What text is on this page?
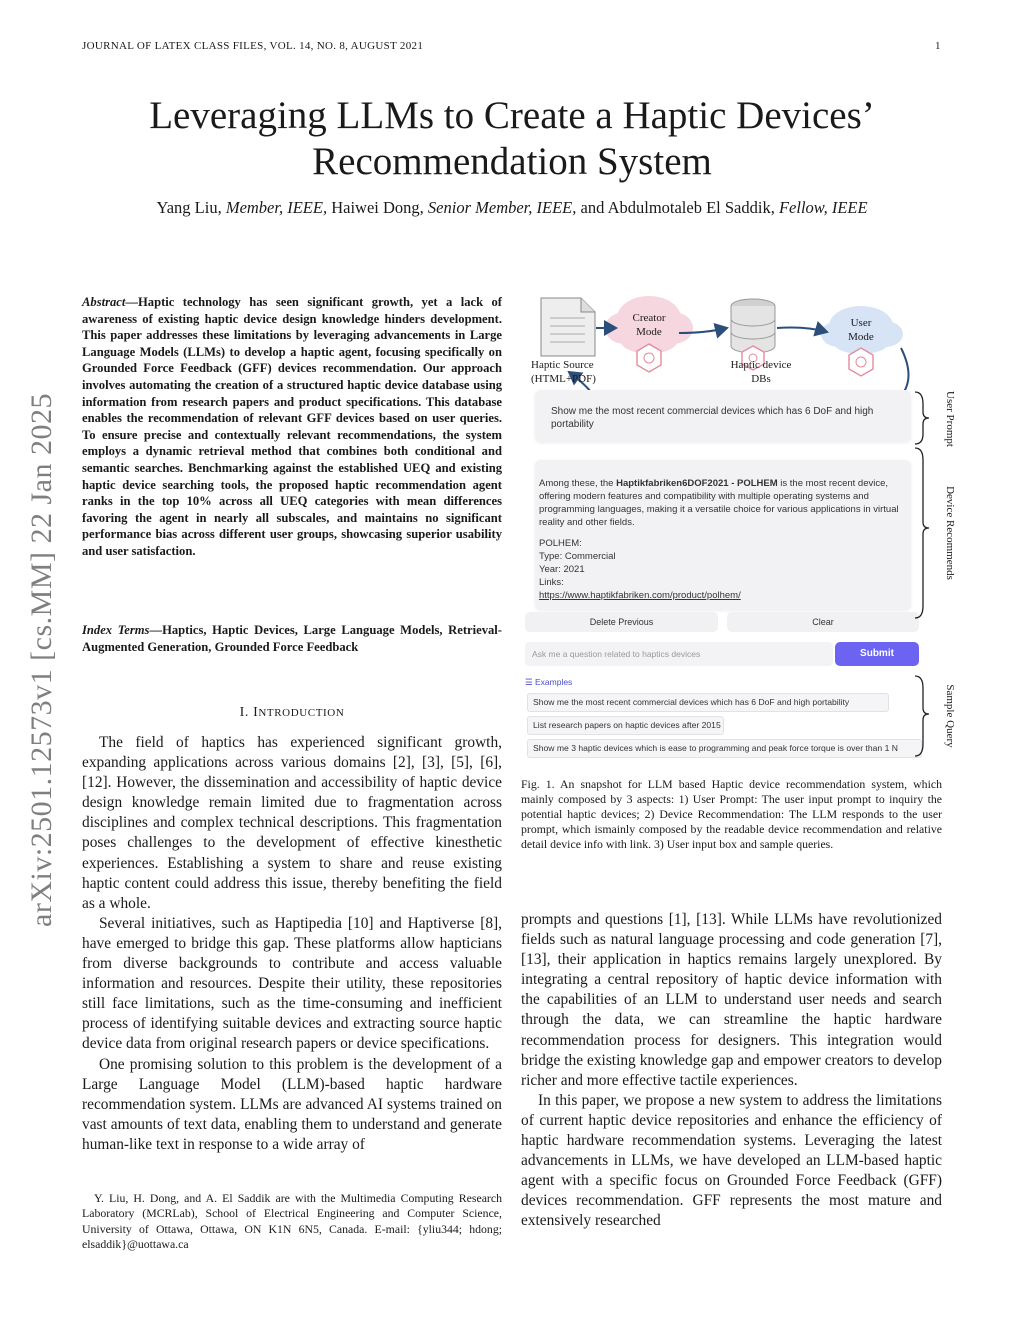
JOURNAL OF LATEX CLASS FILES, VOL. 14, NO. 8, AUGUST 2021	1
Leveraging LLMs to Create a Haptic Devices’
Recommendation System
Yang Liu, Member, IEEE, Haiwei Dong, Senior Member, IEEE, and Abdulmotaleb El Saddik, Fellow, IEEE
arXiv:2501.12573v1 [cs.MM] 22 Jan 2025
Abstract—Haptic technology has seen significant growth, yet a lack of awareness of existing haptic device design knowledge hinders development. This paper addresses these limitations by leveraging advancements in Large Language Models (LLMs) to develop a haptic agent, focusing specifically on Grounded Force Feedback (GFF) devices recommendation. Our approach involves automating the creation of a structured haptic device database using information from research papers and product specifications. This database enables the recommendation of relevant GFF devices based on user queries. To ensure precise and contextually relevant recommendations, the system employs a dynamic retrieval method that combines both conditional and semantic searches. Benchmarking against the established UEQ and existing haptic device searching tools, the proposed haptic recommendation agent ranks in the top 10% across all UEQ categories with mean differences favoring the agent in nearly all subscales, and maintains no significant performance bias across different user groups, showcasing superior usability and user satisfaction.
Index Terms—Haptics, Haptic Devices, Large Language Models, Retrieval-Augmented Generation, Grounded Force Feedback
I. INTRODUCTION

The field of haptics has experienced significant growth, expanding applications across various domains [2], [3], [5], [6], [12]. However, the dissemination and accessibility of haptic device design knowledge remain limited due to fragmentation across disciplines and complex technical descriptions. This fragmentation poses challenges to the development of effective kinesthetic experiences. Establishing a system to share and reuse existing haptic content could address this issue, thereby benefiting the field as a whole.

Several initiatives, such as Haptipedia [10] and Haptiverse [8], have emerged to bridge this gap. These platforms allow hapticians from diverse backgrounds to contribute and access valuable information and resources. Despite their utility, these repositories still face limitations, such as the time-consuming and inefficient process of identifying suitable devices and extracting source haptic device data from original research papers or device specifications.

One promising solution to this problem is the development of a Large Language Model (LLM)-based haptic hardware recommendation system. LLMs are advanced AI systems trained on vast amounts of text data, enabling them to understand and generate human-like text in response to a wide array of

Y. Liu, H. Dong, and A. El Saddik are with the Multimedia Computing Research Laboratory (MCRLab), School of Electrical Engineering and Computer Science, University of Ottawa, Ottawa, ON K1N 6N5, Canada. E-mail: {yliu344; hdong; elsaddik}@uottawa.ca
Creator Mode
User Mode
Haptic Source (HTML+PDF)
Haptic device DBs
Show me the most recent commercial devices which has 6 DoF and high portability
Among these, the Haptikfabriken6DOF2021 - POLHEM is the most recent device, offering modern features and compatibility with multiple operating systems and programming languages, making it a versatile choice for various applications in virtual reality and other fields.
POLHEM:
Type: Commercial
Year: 2021
Links:
https://www.haptikfabriken.com/product/polhem/
Delete Previous	Clear
Ask me a question related to haptics devices	Submit
☰ Examples
Show me the most recent commercial devices which has 6 DoF and high portability
List research papers on haptic devices after 2015
Show me 3 haptic devices which is ease to programming and peak force torque is over than 1 N
User Prompt
Device Recommends
Sample Query
Fig. 1. An snapshot for LLM based Haptic device recommendation system, which mainly composed by 3 aspects: 1) User Prompt: The user input prompt to inquiry the potential haptic devices; 2) Device Recommendation: The LLM responds to the user prompt, which ismainly composed by the readable device recommendation and relative detail device info with link. 3) User input box and sample queries.

prompts and questions [1], [13]. While LLMs have revolutionized fields such as natural language processing and code generation [7], [13], their application in haptics remains largely unexplored. By integrating a central repository of haptic device information with the capabilities of an LLM to understand user needs and search through the data, we can streamline the haptic hardware recommendation process for designers. This integration would bridge the existing knowledge gap and empower creators to develop richer and more effective tactile experiences.

In this paper, we propose a new system to address the limitations of current haptic device repositories and enhance the efficiency of haptic hardware recommendation systems. Leveraging the latest advancements in LLMs, we have developed an LLM-based haptic agent with a specific focus on Grounded Force Feedback (GFF) devices recommendation. GFF represents the most mature and extensively researched
